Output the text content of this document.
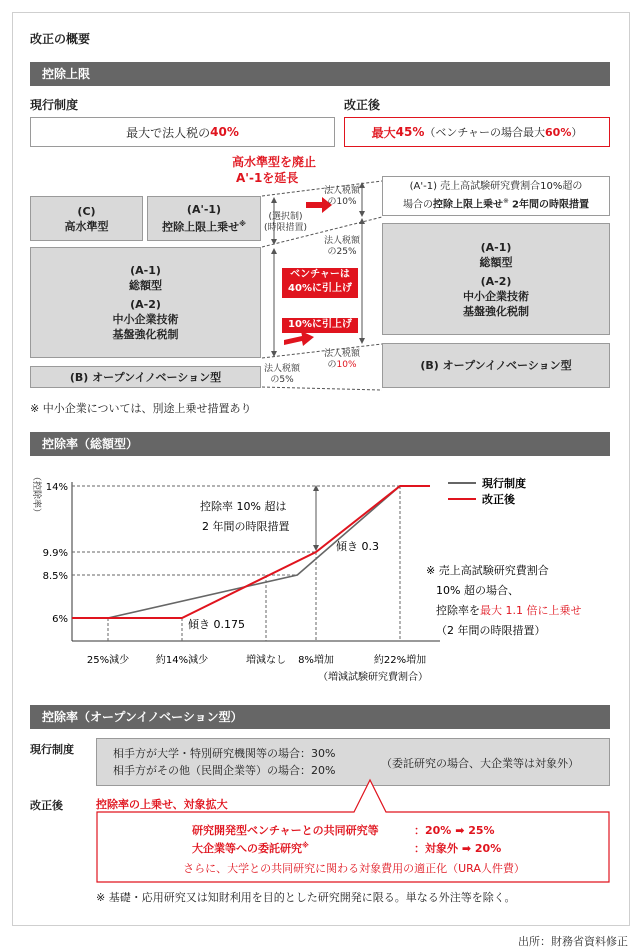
改正の概要
控除上限
現行制度	改正後
最大で法人税の 40%	最大 45% （ベンチャーの場合最大 60% ）
高水準型を廃止
A'-1を延長
(C)
高水準型
(A'-1)
控除上限上乗せ※
(A-1)
総額型
(A-2)
中小企業技術
基盤強化税制
(B) オープンイノベーション型
法人税額
の10%
(選択制)
(時限措置)
法人税額
の25%
ベンチャーは
40%に引上げ
10%に引上げ
法人税額
の10%
法人税額
の5%
(A'-1) 売上高試験研究費割合10%超の
場合の控除上限上乗せ※ 2年間の時限措置
(A-1)
総額型
(A-2)
中小企業技術
基盤強化税制
(B) オープンイノベーション型
※ 中小企業については、別途上乗せ措置あり
控除率（総額型）
（控除率） 14%
9.9%
8.5%
6%
25%減少	約14%減少	増減なし 8%増加	約22%増加
（増減試験研究費割合）
現行制度
改正後
控除率 10% 超は
2 年間の時限措置
傾き 0.3
傾き 0.175
※ 売上高試験研究費割合
10% 超の場合、
控除率を最大 1.1 倍に上乗せ
（2 年間の時限措置）
控除率（オープンイノベーション型）
現行制度	相手方が大学・特別研究機関等の場合：30%
相手方がその他（民間企業等）の場合：20%
（委託研究の場合、大企業等は対象外）
改正後	控除率の上乗せ、対象拡大
研究開発型ベンチャーとの共同研究等	：20% ➡ 25%
大企業等への委託研究※	：対象外 ➡ 20%
さらに、大学との共同研究に関わる対象費用の適正化（URA人件費）
※ 基礎・応用研究又は知財利用を目的とした研究開発に限る。単なる外注等を除く。
出所：財務省資料修正
